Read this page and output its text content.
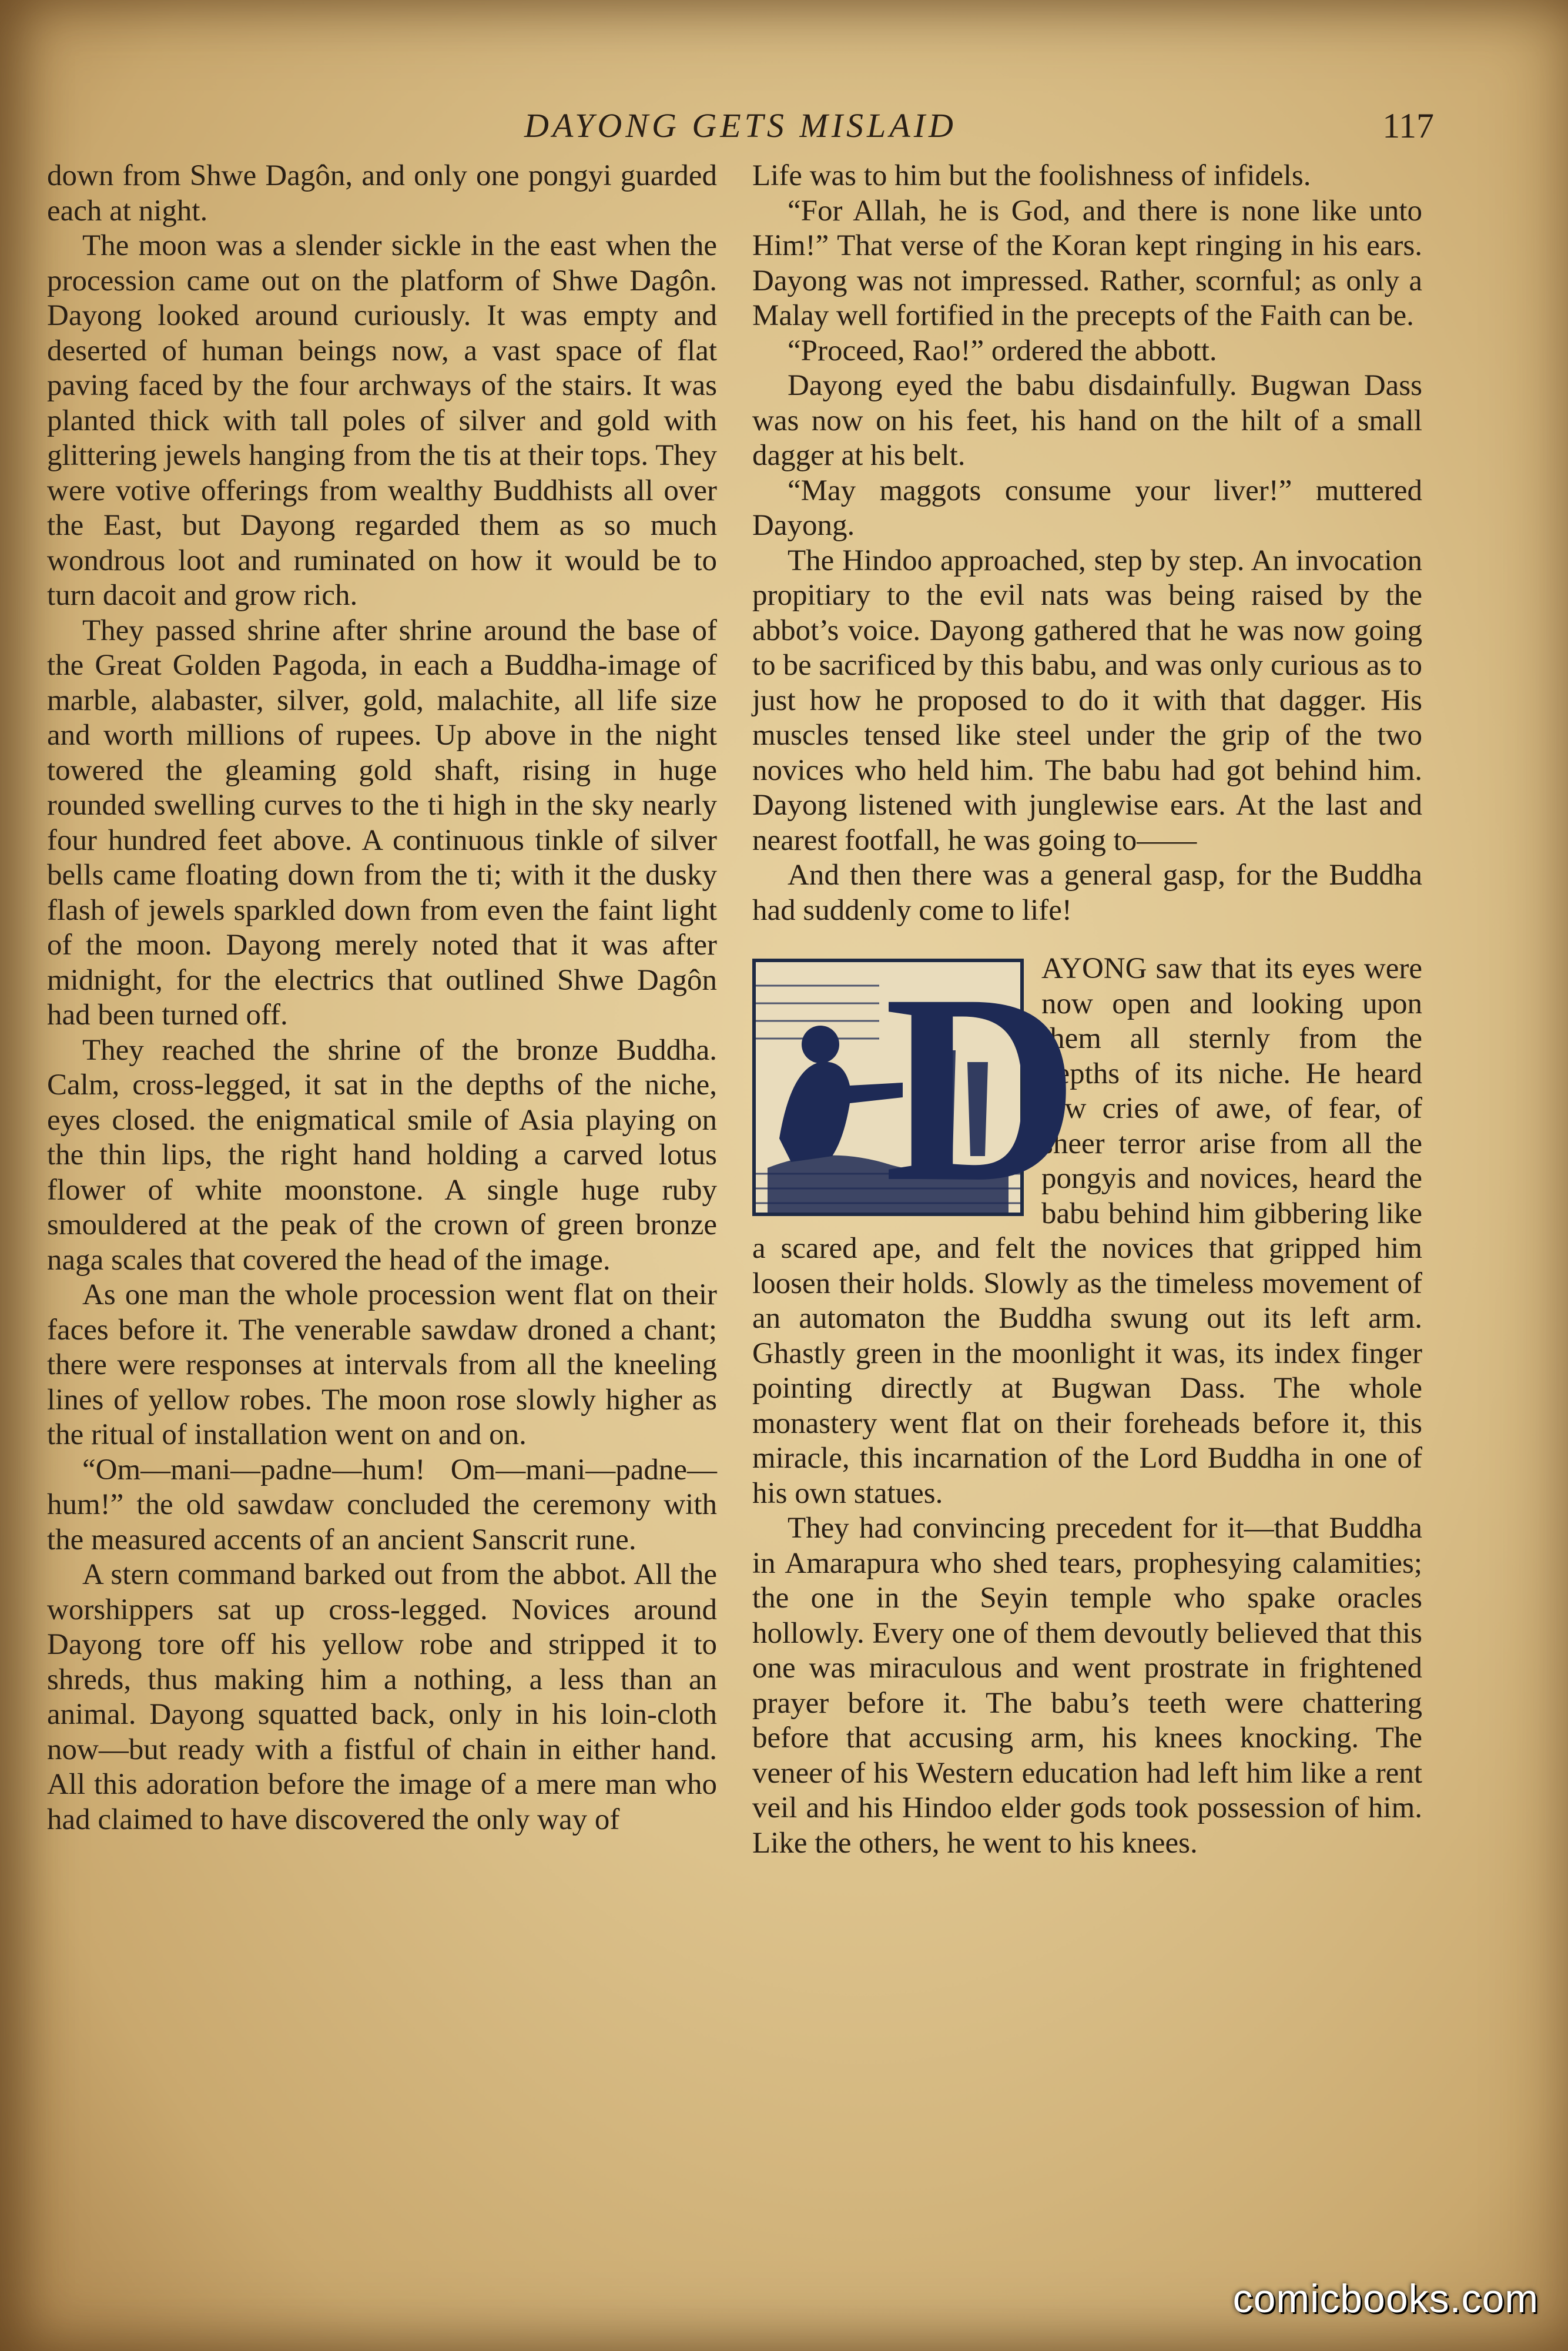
DAYONG GETS MISLAID	117

down from Shwe Dagôn, and only one pongyi guarded each at night.

The moon was a slender sickle in the east when the procession came out on the platform of Shwe Dagôn. Dayong looked around curiously. It was empty and deserted of human beings now, a vast space of flat paving faced by the four archways of the stairs. It was planted thick with tall poles of silver and gold with glittering jewels hanging from the tis at their tops. They were votive offerings from wealthy Buddhists all over the East, but Dayong regarded them as so much wondrous loot and ruminated on how it would be to turn dacoit and grow rich.

They passed shrine after shrine around the base of the Great Golden Pagoda, in each a Buddha-image of marble, alabaster, silver, gold, malachite, all life size and worth millions of rupees. Up above in the night towered the gleaming gold shaft, rising in huge rounded swelling curves to the ti high in the sky nearly four hundred feet above. A continuous tinkle of silver bells came floating down from the ti; with it the dusky flash of jewels sparkled down from even the faint light of the moon. Dayong merely noted that it was after midnight, for the electrics that outlined Shwe Dagôn had been turned off.

They reached the shrine of the bronze Buddha. Calm, cross-legged, it sat in the depths of the niche, eyes closed. the enigmatical smile of Asia playing on the thin lips, the right hand holding a carved lotus flower of white moonstone. A single huge ruby smouldered at the peak of the crown of green bronze naga scales that covered the head of the image.

As one man the whole procession went flat on their faces before it. The venerable sawdaw droned a chant; there were responses at intervals from all the kneeling lines of yellow robes. The moon rose slowly higher as the ritual of installation went on and on.

“Om—mani—padne—hum! Om—mani—padne—hum!” the old sawdaw concluded the ceremony with the measured accents of an ancient Sanscrit rune.

A stern command barked out from the abbot. All the worshippers sat up cross-legged. Novices around Dayong tore off his yellow robe and stripped it to shreds, thus making him a nothing, a less than an animal. Dayong squatted back, only in his loin-cloth now—but ready with a fistful of chain in either hand. All this adoration before the image of a mere man who had claimed to have discovered the only way of

Life was to him but the foolishness of infidels.

“For Allah, he is God, and there is none like unto Him!” That verse of the Koran kept ringing in his ears. Dayong was not impressed. Rather, scornful; as only a Malay well fortified in the precepts of the Faith can be.

“Proceed, Rao!” ordered the abbott.

Dayong eyed the babu disdainfully. Bugwan Dass was now on his feet, his hand on the hilt of a small dagger at his belt.

“May maggots consume your liver!” muttered Dayong.

The Hindoo approached, step by step. An invocation propitiary to the evil nats was being raised by the abbot’s voice. Dayong gathered that he was now going to be sacrificed by this babu, and was only curious as to just how he proposed to do it with that dagger. His muscles tensed like steel under the grip of the two novices who held him. The babu had got behind him. Dayong listened with junglewise ears. At the last and nearest footfall, he was going to——

And then there was a general gasp, for the Buddha had suddenly come to life!

D

AYONG saw that its eyes were now open and looking upon them all sternly from the depths of its niche. He heard low cries of awe, of fear, of sheer terror arise from all the pongyis and novices, heard the babu behind him gibbering like a scared ape, and felt the novices that gripped him loosen their holds. Slowly as the timeless movement of an automaton the Buddha swung out its left arm. Ghastly green in the moonlight it was, its index finger pointing directly at Bugwan Dass. The whole monastery went flat on their foreheads before it, this miracle, this incarnation of the Lord Buddha in one of his own statues.

They had convincing precedent for it—that Buddha in Amarapura who shed tears, prophesying calamities; the one in the Seyin temple who spake oracles hollowly. Every one of them devoutly believed that this one was miraculous and went prostrate in frightened prayer before it. The babu’s teeth were chattering before that accusing arm, his knees knocking. The veneer of his Western education had left him like a rent veil and his Hindoo elder gods took possession of him. Like the others, he went to his knees.

comicbooks.com
